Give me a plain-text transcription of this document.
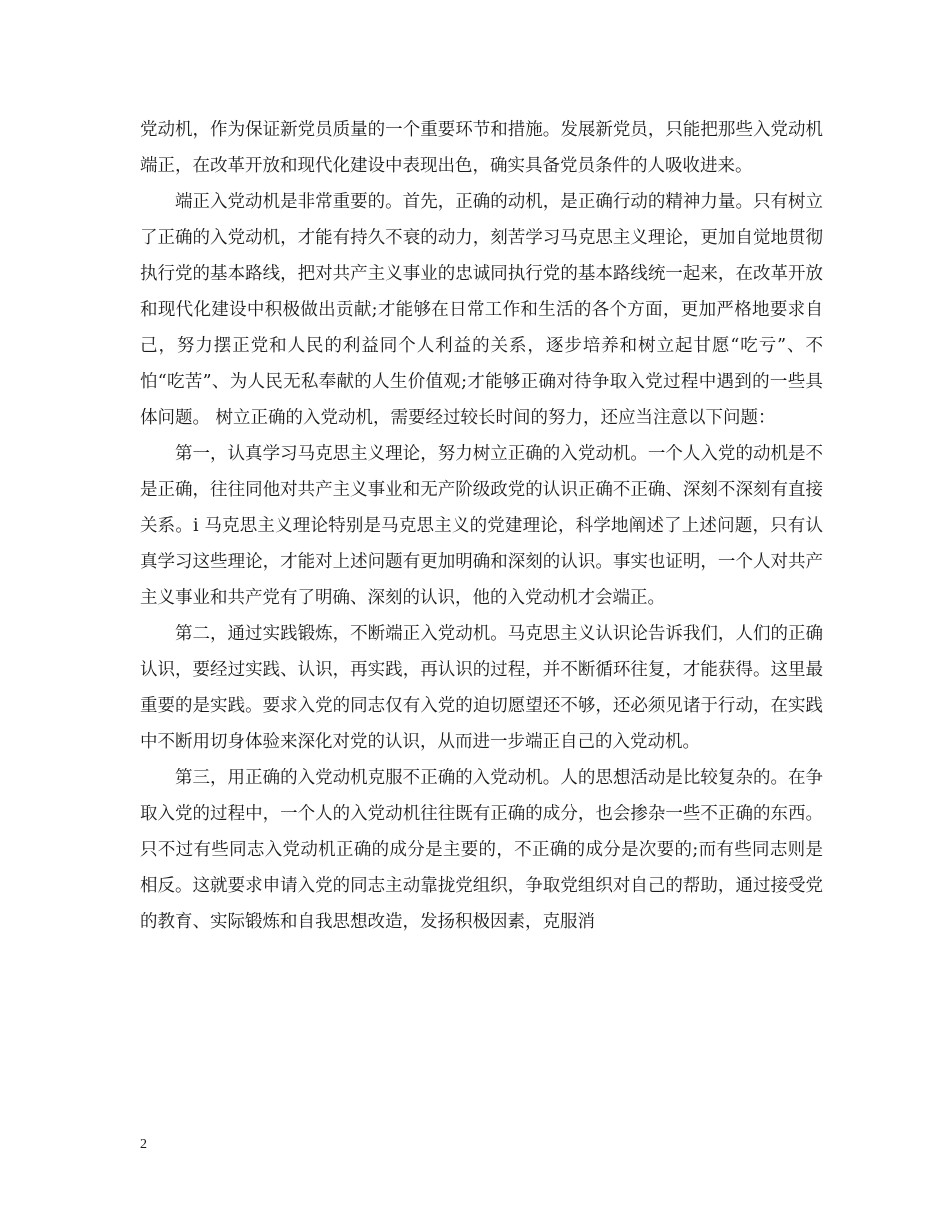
党动机，作为保证新党员质量的一个重要环节和措施。发展新党员，只能把那些入党动机端正，在改革开放和现代化建设中表现出色，确实具备党员条件的人吸收进来。

端正入党动机是非常重要的。首先，正确的动机，是正确行动的精神力量。只有树立了正确的入党动机，才能有持久不衰的动力，刻苦学习马克思主义理论，更加自觉地贯彻执行党的基本路线，把对共产主义事业的忠诚同执行党的基本路线统一起来，在改革开放和现代化建设中积极做出贡献;才能够在日常工作和生活的各个方面，更加严格地要求自己，努力摆正党和人民的利益同个人利益的关系，逐步培养和树立起甘愿“吃亏”、不怕“吃苦”、为人民无私奉献的人生价值观;才能够正确对待争取入党过程中遇到的一些具体问题。 树立正确的入党动机，需要经过较长时间的努力，还应当注意以下问题：

第一，认真学习马克思主义理论，努力树立正确的入党动机。一个人入党的动机是不是正确，往往同他对共产主义事业和无产阶级政党的认识正确不正确、深刻不深刻有直接关系。i 马克思主义理论特别是马克思主义的党建理论，科学地阐述了上述问题，只有认真学习这些理论，才能对上述问题有更加明确和深刻的认识。事实也证明，一个人对共产主义事业和共产党有了明确、深刻的认识，他的入党动机才会端正。

第二，通过实践锻炼，不断端正入党动机。马克思主义认识论告诉我们，人们的正确认识，要经过实践、认识，再实践，再认识的过程，并不断循环往复，才能获得。这里最重要的是实践。要求入党的同志仅有入党的迫切愿望还不够，还必须见诸于行动，在实践中不断用切身体验来深化对党的认识，从而进一步端正自己的入党动机。

第三，用正确的入党动机克服不正确的入党动机。人的思想活动是比较复杂的。在争取入党的过程中，一个人的入党动机往往既有正确的成分，也会掺杂一些不正确的东西。只不过有些同志入党动机正确的成分是主要的，不正确的成分是次要的;而有些同志则是相反。这就要求申请入党的同志主动靠拢党组织，争取党组织对自己的帮助，通过接受党的教育、实际锻炼和自我思想改造，发扬积极因素，克服消

2
